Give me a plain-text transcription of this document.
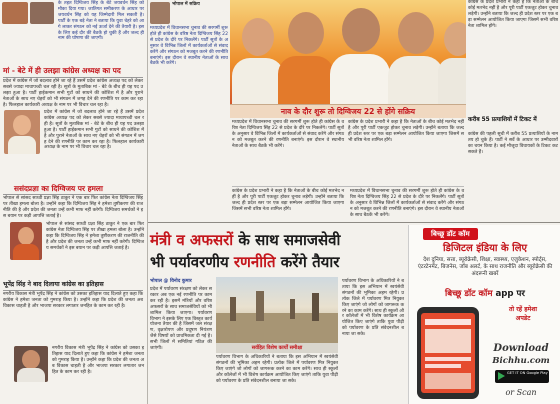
के तहत दिग्विजय सिंह के बेटे जयवर्धन सिंह को मौका दिया गया। जातिगत समीकरण के आधार पर जयवर्धन सिंह को यह जिम्मेदारी मिल सकती है। पार्टी के एक बड़े नेता ने बताया कि युवा चेहरे को आगे लाकर संगठन को नई ऊर्जा देने की तैयारी है। इसके लिए कई दौर की बैठकें हो चुकी हैं और जल्द ही नाम की घोषणा की जाएगी।
मां - बेटे में ही उलझा कांग्रेस अध्यक्ष का पद
प्रदेश में कांग्रेस में जो बदलाव होने जा रहे हैं उसमें प्रदेश कांग्रेस अध्यक्ष पद को लेकर सबसे ज्यादा माथापच्ची चल रही है। सूत्रों के मुताबिक मां - बेटे के बीच ही यह पद उलझा हुआ है। पार्टी हाईकमान सभी गुटों को साधने की कोशिश में है और पुराने नेताओं के साथ नए चेहरों को भी संगठन में जगह देने की रणनीति पर काम कर रहा है। फिलहाल कार्यकारी अध्यक्ष के नाम पर भी विचार चल रहा है।
प्रदेश में कांग्रेस में जो बदलाव होने जा रहे हैं उसमें प्रदेश कांग्रेस अध्यक्ष पद को लेकर सबसे ज्यादा माथापच्ची चल रही है। सूत्रों के मुताबिक मां - बेटे के बीच ही यह पद उलझा हुआ है। पार्टी हाईकमान सभी गुटों को साधने की कोशिश में है और पुराने नेताओं के साथ नए चेहरों को भी संगठन में जगह देने की रणनीति पर काम कर रहा है। फिलहाल कार्यकारी अध्यक्ष के नाम पर भी विचार चल रहा है।
ससंदप्रज्ञा का दिग्विजय पर हमला
भोपाल से सांसद साध्वी प्रज्ञा सिंह ठाकुर ने एक बार फिर कांग्रेस नेता दिग्विजय सिंह पर तीखा हमला बोला है। उन्होंने कहा कि दिग्विजय सिंह ने हमेशा तुष्टीकरण की राजनीति की है और प्रदेश की जनता उन्हें कभी माफ नहीं करेगी। दिग्विजय समर्थकों ने इस बयान पर कड़ी आपत्ति जताई है।
भोपाल से सांसद साध्वी प्रज्ञा सिंह ठाकुर ने एक बार फिर कांग्रेस नेता दिग्विजय सिंह पर तीखा हमला बोला है। उन्होंने कहा कि दिग्विजय सिंह ने हमेशा तुष्टीकरण की राजनीति की है और प्रदेश की जनता उन्हें कभी माफ नहीं करेगी। दिग्विजय समर्थकों ने इस बयान पर कड़ी आपत्ति जताई है।
भूपेंद्र सिंह ने बाद दिलाया कांग्रेस का इतिहास
नगरीय विकास मंत्री भूपेंद्र सिंह ने कांग्रेस को उसका इतिहास याद दिलाते हुए कहा कि कांग्रेस ने हमेशा जनता को गुमराह किया है। उन्होंने कहा कि प्रदेश की जनता अब विकास चाहती है और भाजपा सरकार लगातार जनहित के काम कर रही है।
नगरीय विकास मंत्री भूपेंद्र सिंह ने कांग्रेस को उसका इतिहास याद दिलाते हुए कहा कि कांग्रेस ने हमेशा जनता को गुमराह किया है। उन्होंने कहा कि प्रदेश की जनता अब विकास चाहती है और भाजपा सरकार लगातार जनहित के काम कर रही है।
भोपाल में सक्रिय
मध्यप्रदेश में विधानसभा चुनाव की सरगर्मी शुरू होते ही कांग्रेस के वरिष्ठ नेता दिग्विजय सिंह 22 से प्रदेश के दौरे पर निकलेंगे। पार्टी सूत्रों के अनुसार वे विभिन्न जिलों में कार्यकर्ताओं से संवाद करेंगे और संगठन को मजबूत करने की रणनीति बनाएंगे। इस दौरान वे स्थानीय नेताओं के साथ बैठकें भी करेंगे।
नाव के दौर शुरू तो दिग्विजय 22 से होंगे सक्रिय
मध्यप्रदेश में विधानसभा चुनाव की सरगर्मी शुरू होते ही कांग्रेस के वरिष्ठ नेता दिग्विजय सिंह 22 से प्रदेश के दौरे पर निकलेंगे। पार्टी सूत्रों के अनुसार वे विभिन्न जिलों में कार्यकर्ताओं से संवाद करेंगे और संगठन को मजबूत करने की रणनीति बनाएंगे। इस दौरान वे स्थानीय नेताओं के साथ बैठकें भी करेंगे।
कांग्रेस के प्रदेश प्रभारी ने कहा है कि नेताओं के बीच कोई मतभेद नहीं है और पूरी पार्टी एकजुट होकर चुनाव लड़ेगी। उन्होंने बताया कि जल्द ही प्रदेश स्तर पर एक बड़ा सम्मेलन आयोजित किया जाएगा जिसमें सभी वरिष्ठ नेता शामिल होंगे।
कांग्रेस के प्रदेश प्रभारी ने कहा है कि नेताओं के बीच कोई मतभेद नहीं है और पूरी पार्टी एकजुट होकर चुनाव लड़ेगी। उन्होंने बताया कि जल्द ही प्रदेश स्तर पर एक बड़ा सम्मेलन आयोजित किया जाएगा जिसमें सभी वरिष्ठ नेता शामिल होंगे।
मध्यप्रदेश में विधानसभा चुनाव की सरगर्मी शुरू होते ही कांग्रेस के वरिष्ठ नेता दिग्विजय सिंह 22 से प्रदेश के दौरे पर निकलेंगे। पार्टी सूत्रों के अनुसार वे विभिन्न जिलों में कार्यकर्ताओं से संवाद करेंगे और संगठन को मजबूत करने की रणनीति बनाएंगे। इस दौरान वे स्थानीय नेताओं के साथ बैठकें भी करेंगे।
कांग्रेस के प्रदेश प्रभारी ने कहा है कि नेताओं के बीच कोई मतभेद नहीं है और पूरी पार्टी एकजुट होकर चुनाव लड़ेगी। उन्होंने बताया कि जल्द ही प्रदेश स्तर पर एक बड़ा सम्मेलन आयोजित किया जाएगा जिसमें सभी वरिष्ठ नेता शामिल होंगे।
करीब 55 प्रत्याशियों में टिकट में
कांग्रेस की पहली सूची में करीब 55 प्रत्याशियों के नाम तय हो चुके हैं। पार्टी ने सर्वे के आधार पर उम्मीदवारों का चयन किया है। कई मौजूदा विधायकों के टिकट कट सकते हैं।
मंत्री व अफसरों के साथ समाजसेवी
भी पर्यावरणीय रणनीति करेंगे तैयार
भोपाल @ विनोद कुमार
प्रदेश में पर्यावरण संरक्षण को लेकर सरकार अब एक नई रणनीति पर काम कर रही है। इसमें मंत्रियों और वरिष्ठ अफसरों के साथ समाजसेवियों को भी शामिल किया जाएगा। पर्यावरण विभाग ने इसके लिए एक विस्तृत कार्ययोजना तैयार की है जिसमें जल संरक्षण, वृक्षारोपण और प्रदूषण नियंत्रण जैसे विषयों को प्राथमिकता दी गई है। सभी जिलों में समितियां गठित की जाएंगी।	सर्वहित विशेष कार्यों समीक्षा
पर्यावरण विभाग के अधिकारियों ने बताया कि इस अभियान में स्वयंसेवी संगठनों की भूमिका अहम रहेगी। प्रत्येक जिले में पर्यावरण मित्र नियुक्त किए जाएंगे जो लोगों को जागरूक करने का काम करेंगे। साथ ही स्कूलों और कॉलेजों में भी विशेष कार्यक्रम आयोजित किए जाएंगे ताकि युवा पीढ़ी को पर्यावरण के प्रति संवेदनशील बनाया जा सके।
पर्यावरण विभाग के अधिकारियों ने बताया कि इस अभियान में स्वयंसेवी संगठनों की भूमिका अहम रहेगी। प्रत्येक जिले में पर्यावरण मित्र नियुक्त किए जाएंगे जो लोगों को जागरूक करने का काम करेंगे। साथ ही स्कूलों और कॉलेजों में भी विशेष कार्यक्रम आयोजित किए जाएंगे ताकि युवा पीढ़ी को पर्यावरण के प्रति संवेदनशील बनाया जा सके।
बिच्छू डॉट कॉम
डिजिटल इंडिया के लिए
देश दुनिया, सत्ता, ब्यूरोक्रेसी, शिक्षा, स्वास्थ्य, एजुकेशन, स्पोर्ट्स, एंटरटेनमेंट, बिजनेस, जॉब अलर्ट, के साथ राजनीति और ब्यूरोक्रेसी की अंदरूनी खबरें
बिच्छू डॉट कॉम app पर
तो रहें हमेशा
अपडेट
Download
Bichhu.com
GET IT ON Google Play
or Scan
